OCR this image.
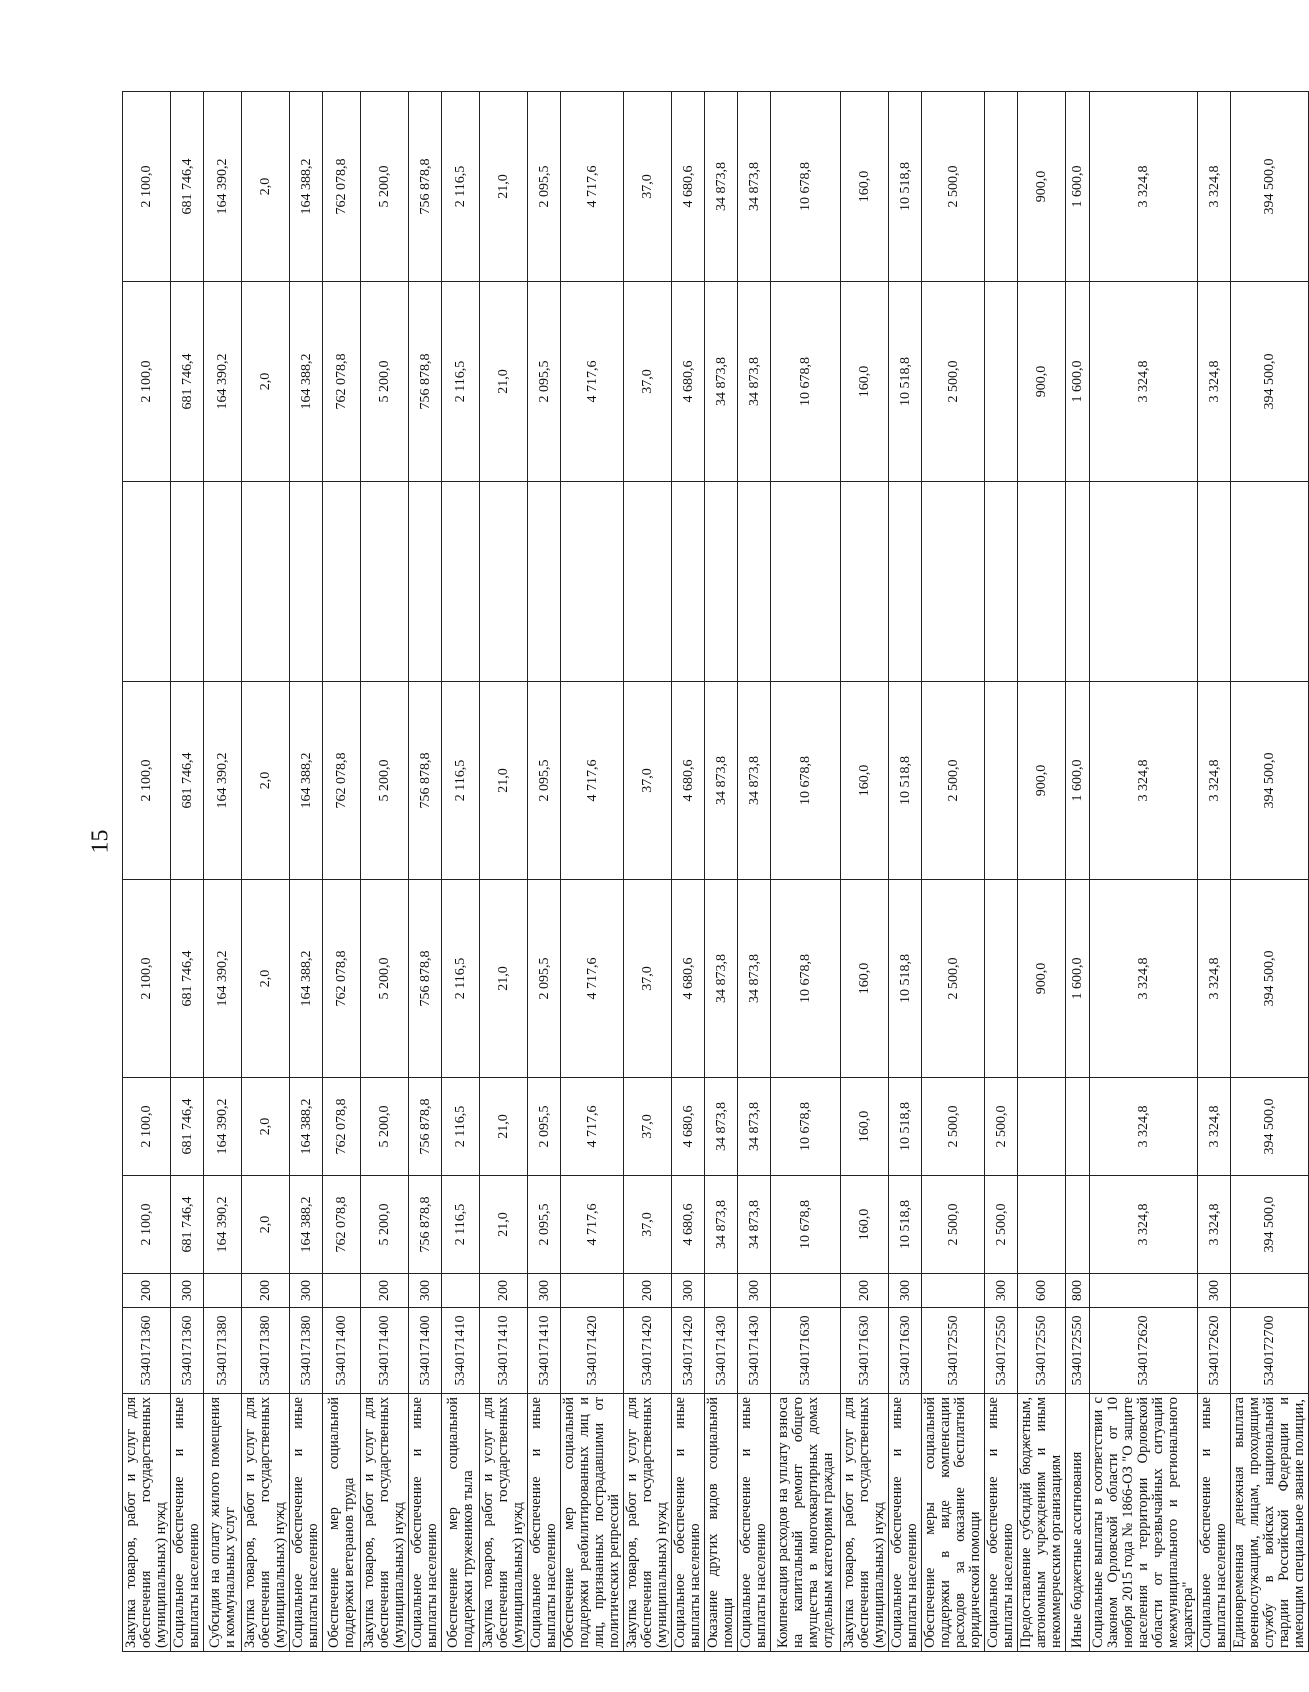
15
Закупка товаров, работ и услуг для обеспечения государственных (муниципальных) нужд	5340171360	200	2 100,0	2 100,0	2 100,0	2 100,0		2 100,0	2 100,0
Социальное обеспечение и иные выплаты населению	5340171360	300	681 746,4	681 746,4	681 746,4	681 746,4		681 746,4	681 746,4
Субсидия на оплату жилого помещения и коммунальных услуг	5340171380		164 390,2	164 390,2	164 390,2	164 390,2		164 390,2	164 390,2
Закупка товаров, работ и услуг для обеспечения государственных (муниципальных) нужд	5340171380	200	2,0	2,0	2,0	2,0		2,0	2,0
Социальное обеспечение и иные выплаты населению	5340171380	300	164 388,2	164 388,2	164 388,2	164 388,2		164 388,2	164 388,2
Обеспечение мер социальной поддержки ветеранов труда	5340171400		762 078,8	762 078,8	762 078,8	762 078,8		762 078,8	762 078,8
Закупка товаров, работ и услуг для обеспечения государственных (муниципальных) нужд	5340171400	200	5 200,0	5 200,0	5 200,0	5 200,0		5 200,0	5 200,0
Социальное обеспечение и иные выплаты населению	5340171400	300	756 878,8	756 878,8	756 878,8	756 878,8		756 878,8	756 878,8
Обеспечение мер социальной поддержки тружеников тыла	5340171410		2 116,5	2 116,5	2 116,5	2 116,5		2 116,5	2 116,5
Закупка товаров, работ и услуг для обеспечения государственных (муниципальных) нужд	5340171410	200	21,0	21,0	21,0	21,0		21,0	21,0
Социальное обеспечение и иные выплаты населению	5340171410	300	2 095,5	2 095,5	2 095,5	2 095,5		2 095,5	2 095,5
Обеспечение мер социальной поддержки реабилитированных лиц и лиц, признанных пострадавшими от политических репрессий	5340171420		4 717,6	4 717,6	4 717,6	4 717,6		4 717,6	4 717,6
Закупка товаров, работ и услуг для обеспечения государственных (муниципальных) нужд	5340171420	200	37,0	37,0	37,0	37,0		37,0	37,0
Социальное обеспечение и иные выплаты населению	5340171420	300	4 680,6	4 680,6	4 680,6	4 680,6		4 680,6	4 680,6
Оказание других видов социальной помощи	5340171430		34 873,8	34 873,8	34 873,8	34 873,8		34 873,8	34 873,8
Социальное обеспечение и иные выплаты населению	5340171430	300	34 873,8	34 873,8	34 873,8	34 873,8		34 873,8	34 873,8
Компенсация расходов на уплату взноса на капитальный ремонт общего имущества в многоквартирных домах отдельным категориям граждан	5340171630		10 678,8	10 678,8	10 678,8	10 678,8		10 678,8	10 678,8
Закупка товаров, работ и услуг для обеспечения государственных (муниципальных) нужд	5340171630	200	160,0	160,0	160,0	160,0		160,0	160,0
Социальное обеспечение и иные выплаты населению	5340171630	300	10 518,8	10 518,8	10 518,8	10 518,8		10 518,8	10 518,8
Обеспечение меры социальной поддержки в виде компенсации расходов за оказание бесплатной юридической помощи	5340172550		2 500,0	2 500,0	2 500,0	2 500,0		2 500,0	2 500,0
Социальное обеспечение и иные выплаты населению	5340172550	300	2 500,0	2 500,0					
Предоставление субсидий бюджетным, автономным учреждениям и иным некоммерческим организациям	5340172550	600			900,0	900,0		900,0	900,0
Иные бюджетные ассигнования	5340172550	800			1 600,0	1 600,0		1 600,0	1 600,0
Социальные выплаты в соответствии с Законом Орловской области от 10 ноября 2015 года № 1866-ОЗ "О защите населения и территории Орловской области от чрезвычайных ситуаций межмуниципального и регионального характера"	5340172620		3 324,8	3 324,8	3 324,8	3 324,8		3 324,8	3 324,8
Социальное обеспечение и иные выплаты населению	5340172620	300	3 324,8	3 324,8	3 324,8	3 324,8		3 324,8	3 324,8
Единовременная денежная выплата военнослужащим, лицам, проходящим службу в войсках национальной гвардии Российской Федерации и имеющим специальное звание полиции,	5340172700		394 500,0	394 500,0	394 500,0	394 500,0		394 500,0	394 500,0
